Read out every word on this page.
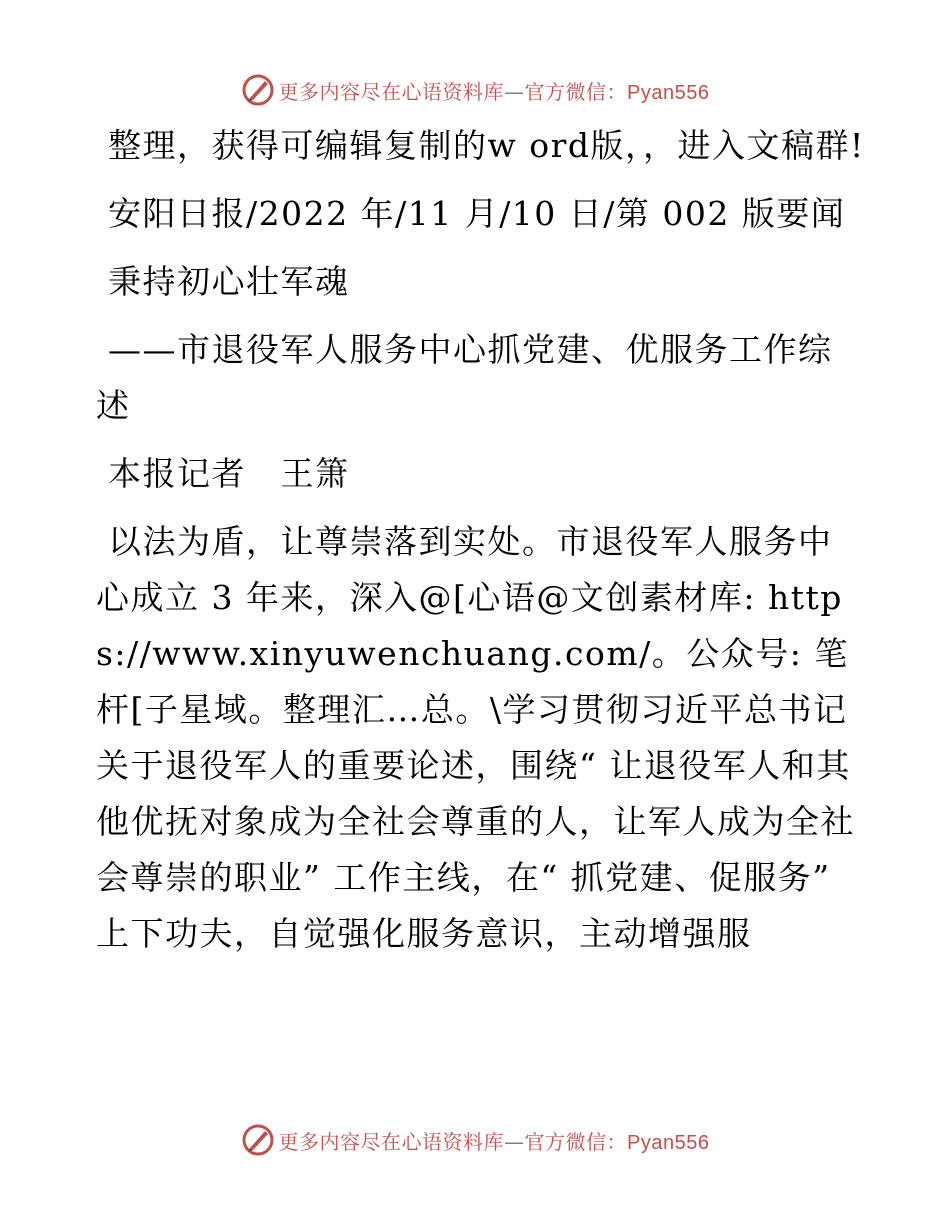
更多内容尽在心语资料库—官方微信：Pyan556

整理，获得可编辑复制的w ord版，，进入文稿群!

安阳日报/2022 年/11 月/10 日/第 002 版要闻

秉持初心壮军魂

——市退役军人服务中心抓党建、优服务工作综述

本报记者　王箫

以法为盾，让尊崇落到实处。市退役军人服务中心成立 3 年来，深入@[心语@文创素材库: https://www.xinyuwenchuang.com/。公众号: 笔杆[子星域。整理汇…总。\学习贯彻习近平总书记关于退役军人的重要论述，围绕“ 让退役军人和其他优抚对象成为全社会尊重的人，让军人成为全社会尊崇的职业” 工作主线，在“ 抓党建、促服务” 上下功夫，自觉强化服务意识，主动增强服

更多内容尽在心语资料库—官方微信：Pyan556
